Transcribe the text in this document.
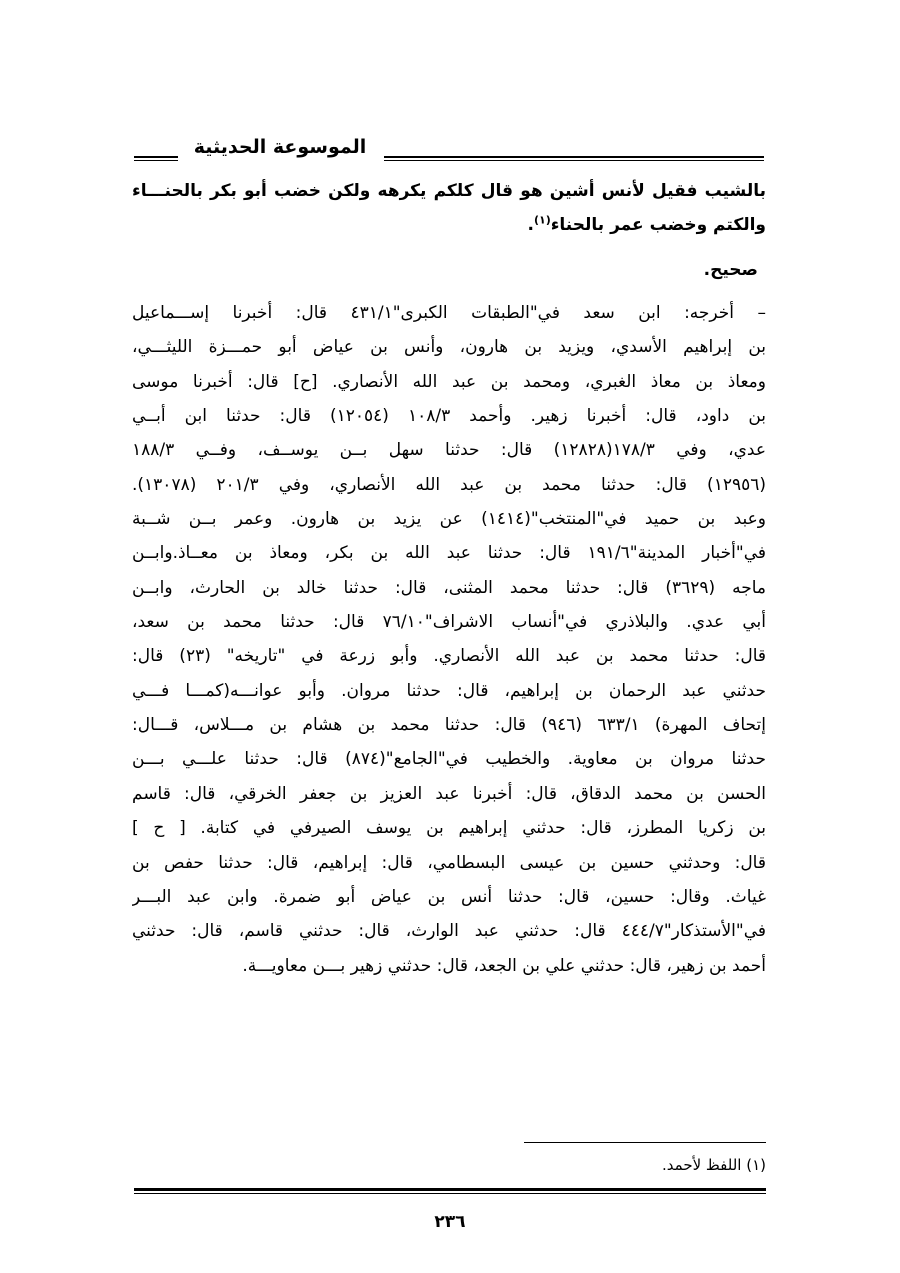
الموسوعة الحديثية
بالشيب فقيل لأنس أشين هو قال كلكم يكرهه ولكن خضب أبو بكر بالحنـــاء
والكتم وخضب عمر بالحناء$^{(١)}$.
صحيح.
– أخرجه: ابن سعد في"الطبقات الكبرى"٤٣١/١ قال: أخبرنا إســـماعيل
بن إبراهيم الأسدي، ويزيد بن هارون، وأنس بن عياض أبو حمـــزة الليثـــي،
ومعاذ بن معاذ الغبري، ومحمد بن عبد الله الأنصاري. [ح] قال: أخبرنا موسى
بن داود، قال: أخبرنا زهير. وأحمد ١٠٨/٣ (١٢٠٥٤) قال: حدثنا ابن أبــي
عدي، وفي ١٧٨/٣(١٢٨٢٨) قال: حدثنا سهل بــن يوســف، وفــي ١٨٨/٣
(١٢٩٥٦) قال: حدثنا محمد بن عبد الله الأنصاري، وفي ٢٠١/٣ (١٣٠٧٨).
وعبد بن حميد في"المنتخب"(١٤١٤) عن يزيد بن هارون. وعمر بــن شــبة
في"أخبار المدينة"١٩١/٦ قال: حدثنا عبد الله بن بكر، ومعاذ بن معــاذ.وابــن
ماجه (٣٦٢٩) قال: حدثنا محمد المثنى، قال: حدثنا خالد بن الحارث، وابــن
أبي عدي. والبلاذري في"أنساب الاشراف"٧٦/١٠ قال: حدثنا محمد بن سعد،
قال: حدثنا محمد بن عبد الله الأنصاري. وأبو زرعة في "تاريخه" (٢٣) قال:
حدثني عبد الرحمان بن إبراهيم، قال: حدثنا مروان. وأبو عوانـــه(كمـــا فـــي
إتحاف المهرة) ٦٣٣/١ (٩٤٦) قال: حدثنا محمد بن هشام بن مـــلاس، قـــال:
حدثنا مروان بن معاوية. والخطيب في"الجامع"(٨٧٤) قال: حدثنا علـــي بـــن
الحسن بن محمد الدقاق، قال: أخبرنا عبد العزيز بن جعفر الخرقي، قال: قاسم
بن زكريا المطرز، قال: حدثني إبراهيم بن يوسف الصيرفي في كتابة. [ ح ]
قال: وحدثني حسين بن عيسى البسطامي، قال: إبراهيم، قال: حدثنا حفص بن
غياث. وقال: حسين، قال: حدثنا أنس بن عياض أبو ضمرة. وابن عبد البـــر
في"الأستذكار"٤٤٤/٧ قال: حدثني عبد الوارث، قال: حدثني قاسم، قال: حدثني
أحمد بن زهير، قال: حدثني علي بن الجعد، قال: حدثني زهير بـــن معاويـــة.
(١) اللفظ لأحمد.
٢٣٦
